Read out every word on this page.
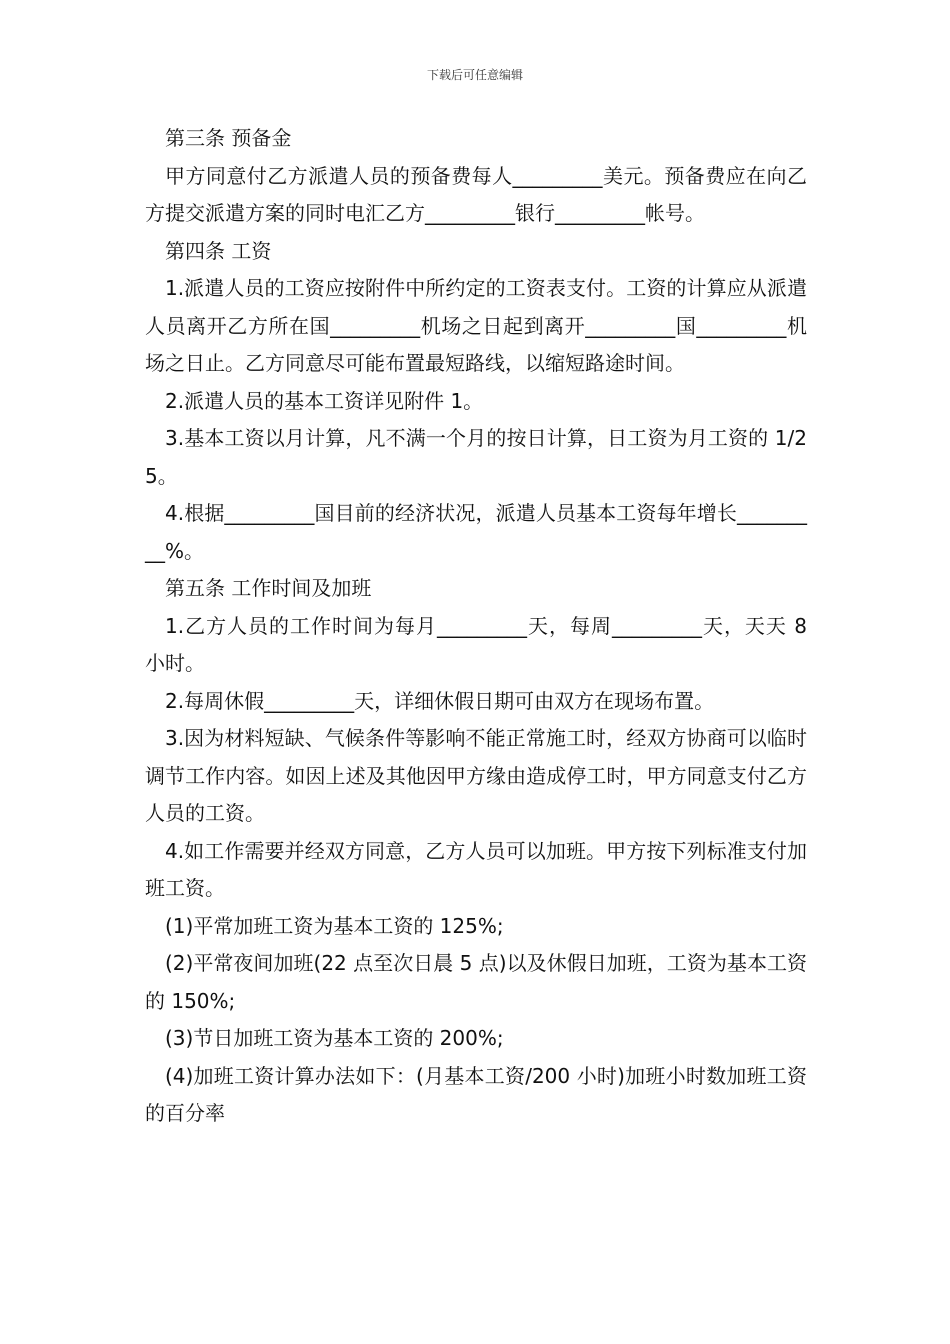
下载后可任意编辑

第三条 预备金

甲方同意付乙方派遣人员的预备费每人_________美元。预备费应在向乙方提交派遣方案的同时电汇乙方_________银行_________帐号。

第四条 工资

1.派遣人员的工资应按附件中所约定的工资表支付。工资的计算应从派遣人员离开乙方所在国_________机场之日起到离开_________国_________机场之日止。乙方同意尽可能布置最短路线，以缩短路途时间。

2.派遣人员的基本工资详见附件 1。

3.基本工资以月计算，凡不满一个月的按日计算，日工资为月工资的 1/25。

4.根据_________国目前的经济状况，派遣人员基本工资每年增长_________%。

第五条 工作时间及加班

1.乙方人员的工作时间为每月_________天，每周_________天，天天 8 小时。

2.每周休假_________天，详细休假日期可由双方在现场布置。

3.因为材料短缺、气候条件等影响不能正常施工时，经双方协商可以临时调节工作内容。如因上述及其他因甲方缘由造成停工时，甲方同意支付乙方人员的工资。

4.如工作需要并经双方同意，乙方人员可以加班。甲方按下列标准支付加班工资。

(1)平常加班工资为基本工资的 125%;

(2)平常夜间加班(22 点至次日晨 5 点)以及休假日加班，工资为基本工资的 150%;

(3)节日加班工资为基本工资的 200%;

(4)加班工资计算办法如下：(月基本工资/200 小时)加班小时数加班工资的百分率
